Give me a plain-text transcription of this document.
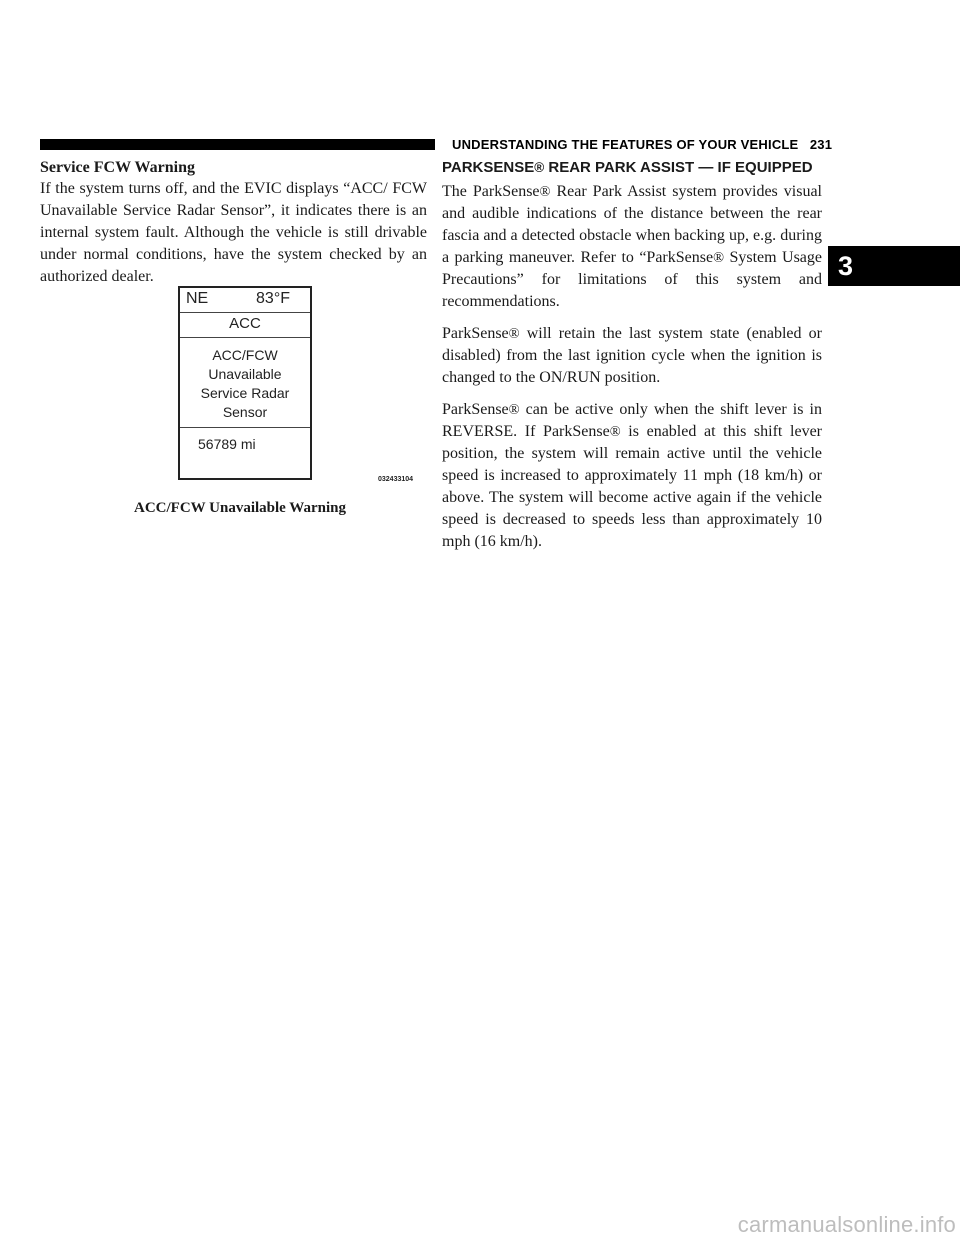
UNDERSTANDING THE FEATURES OF YOUR VEHICLE 231
3

Service FCW Warning

If the system turns off, and the EVIC displays “ACC/ FCW Unavailable Service Radar Sensor”, it indicates there is an internal system fault. Although the vehicle is still drivable under normal conditions, have the system checked by an authorized dealer.

NE	83°F
ACC
ACC/FCW
Unavailable
Service Radar
Sensor
56789 mi
032433104
ACC/FCW Unavailable Warning

PARKSENSE® REAR PARK ASSIST — IF EQUIPPED

The ParkSense® Rear Park Assist system provides visual and audible indications of the distance between the rear fascia and a detected obstacle when backing up, e.g. during a parking maneuver. Refer to “ParkSense® System Usage Precautions” for limitations of this system and recommendations.

ParkSense® will retain the last system state (enabled or disabled) from the last ignition cycle when the ignition is changed to the ON/RUN position.

ParkSense® can be active only when the shift lever is in REVERSE. If ParkSense® is enabled at this shift lever position, the system will remain active until the vehicle speed is increased to approximately 11 mph (18 km/h) or above. The system will become active again if the vehicle speed is decreased to speeds less than approximately 10 mph (16 km/h).

carmanualsonline.info
